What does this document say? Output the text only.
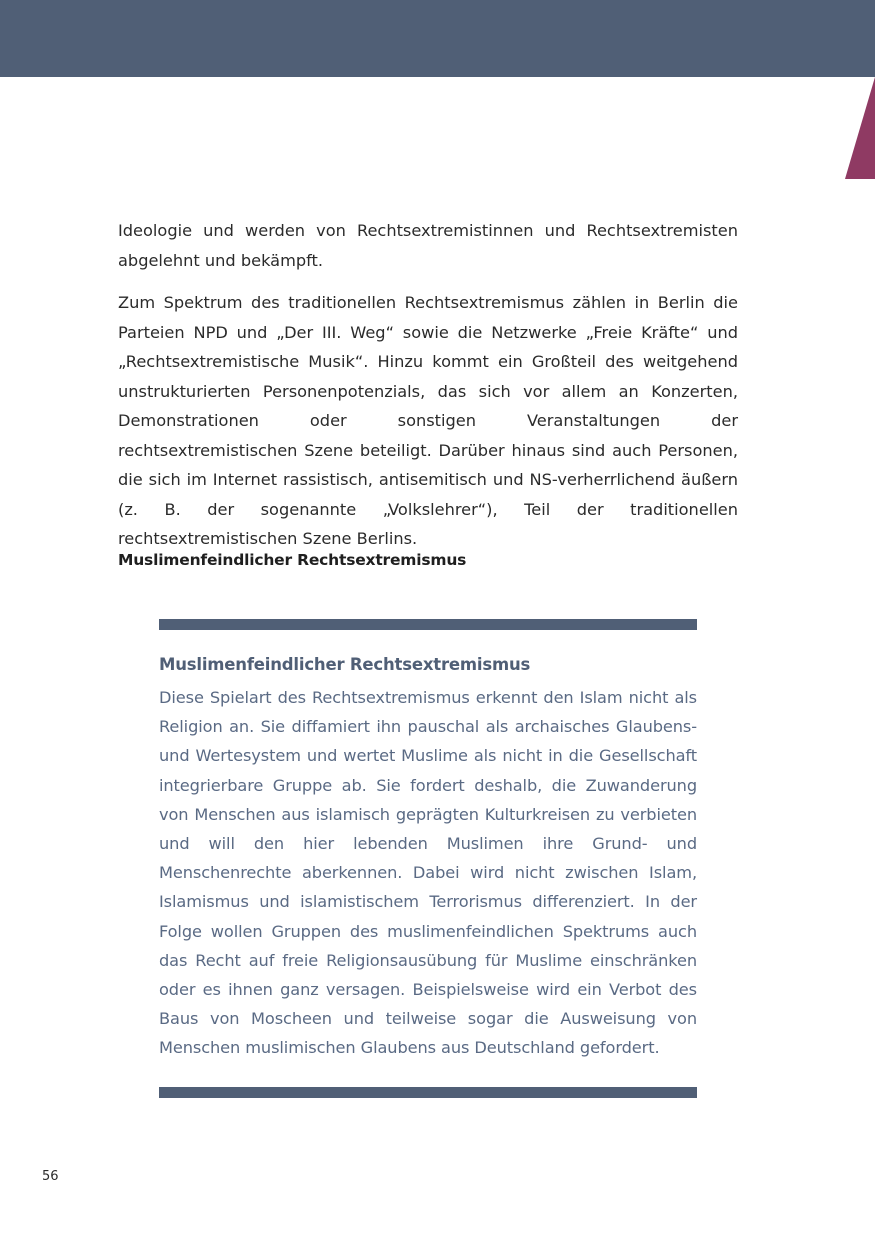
Ideologie und werden von Rechtsextremistinnen und Rechtsextremisten abgelehnt und bekämpft.

Zum Spektrum des traditionellen Rechtsextremismus zählen in Berlin die Parteien NPD und „Der III. Weg“ sowie die Netzwerke „Freie Kräfte“ und „Rechtsextremistische Musik“. Hinzu kommt ein Großteil des weitgehend unstrukturierten Personenpotenzials, das sich vor allem an Konzerten, Demonstrationen oder sonstigen Veranstaltungen der rechtsextremistischen Szene beteiligt. Darüber hinaus sind auch Personen, die sich im Internet rassistisch, antisemitisch und NS-verherrlichend äußern (z. B. der sogenannte „Volkslehrer“), Teil der traditionellen rechtsextremistischen Szene Berlins.

Muslimenfeindlicher Rechtsextremismus
Muslimenfeindlicher Rechtsextremismus

Diese Spielart des Rechtsextremismus erkennt den Islam nicht als Religion an. Sie diffamiert ihn pauschal als archaisches Glaubens- und Wertesystem und wertet Muslime als nicht in die Gesellschaft integrierbare Gruppe ab. Sie fordert deshalb, die Zuwanderung von Menschen aus islamisch geprägten Kulturkreisen zu verbieten und will den hier lebenden Muslimen ihre Grund- und Menschenrechte aberkennen. Dabei wird nicht zwischen Islam, Islamismus und islamistischem Terrorismus differenziert. In der Folge wollen Gruppen des muslimenfeindlichen Spektrums auch das Recht auf freie Religionsausübung für Muslime einschränken oder es ihnen ganz versagen. Beispielsweise wird ein Verbot des Baus von Moscheen und teilweise sogar die Ausweisung von Menschen muslimischen Glaubens aus Deutschland gefordert.

56
